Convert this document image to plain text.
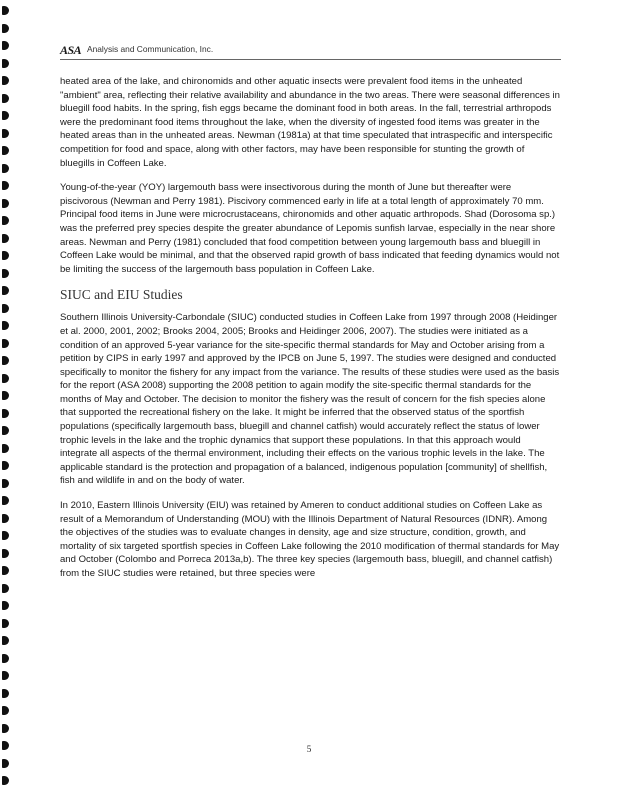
ASA Analysis and Communication, Inc.

heated area of the lake, and chironomids and other aquatic insects were prevalent food items in the unheated "ambient" area, reflecting their relative availability and abundance in the two areas. There were seasonal differences in bluegill food habits. In the spring, fish eggs became the dominant food in both areas. In the fall, terrestrial arthropods were the predominant food items throughout the lake, when the diversity of ingested food items was greater in the heated areas than in the unheated areas. Newman (1981a) at that time speculated that intraspecific and interspecific competition for food and space, along with other factors, may have been responsible for stunting the growth of bluegills in Coffeen Lake.

Young-of-the-year (YOY) largemouth bass were insectivorous during the month of June but thereafter were piscivorous (Newman and Perry 1981). Piscivory commenced early in life at a total length of approximately 70 mm. Principal food items in June were microcrustaceans, chironomids and other aquatic arthropods. Shad (Dorosoma sp.) was the preferred prey species despite the greater abundance of Lepomis sunfish larvae, especially in the near shore areas. Newman and Perry (1981) concluded that food competition between young largemouth bass and bluegill in Coffeen Lake would be minimal, and that the observed rapid growth of bass indicated that feeding dynamics would not be limiting the success of the largemouth bass population in Coffeen Lake.

SIUC and EIU Studies

Southern Illinois University-Carbondale (SIUC) conducted studies in Coffeen Lake from 1997 through 2008 (Heidinger et al. 2000, 2001, 2002; Brooks 2004, 2005; Brooks and Heidinger 2006, 2007). The studies were initiated as a condition of an approved 5-year variance for the site-specific thermal standards for May and October arising from a petition by CIPS in early 1997 and approved by the IPCB on June 5, 1997. The studies were designed and conducted specifically to monitor the fishery for any impact from the variance. The results of these studies were used as the basis for the report (ASA 2008) supporting the 2008 petition to again modify the site-specific thermal standards for the months of May and October. The decision to monitor the fishery was the result of concern for the fish species alone that supported the recreational fishery on the lake. It might be inferred that the observed status of the sportfish populations (specifically largemouth bass, bluegill and channel catfish) would accurately reflect the status of lower trophic levels in the lake and the trophic dynamics that support these populations. In that this approach would integrate all aspects of the thermal environment, including their effects on the various trophic levels in the lake. The applicable standard is the protection and propagation of a balanced, indigenous population [community] of shellfish, fish and wildlife in and on the body of water.

In 2010, Eastern Illinois University (EIU) was retained by Ameren to conduct additional studies on Coffeen Lake as result of a Memorandum of Understanding (MOU) with the Illinois Department of Natural Resources (IDNR). Among the objectives of the studies was to evaluate changes in density, age and size structure, condition, growth, and mortality of six targeted sportfish species in Coffeen Lake following the 2010 modification of thermal standards for May and October (Colombo and Porreca 2013a,b). The three key species (largemouth bass, bluegill, and channel catfish) from the SIUC studies were retained, but three species were

5
